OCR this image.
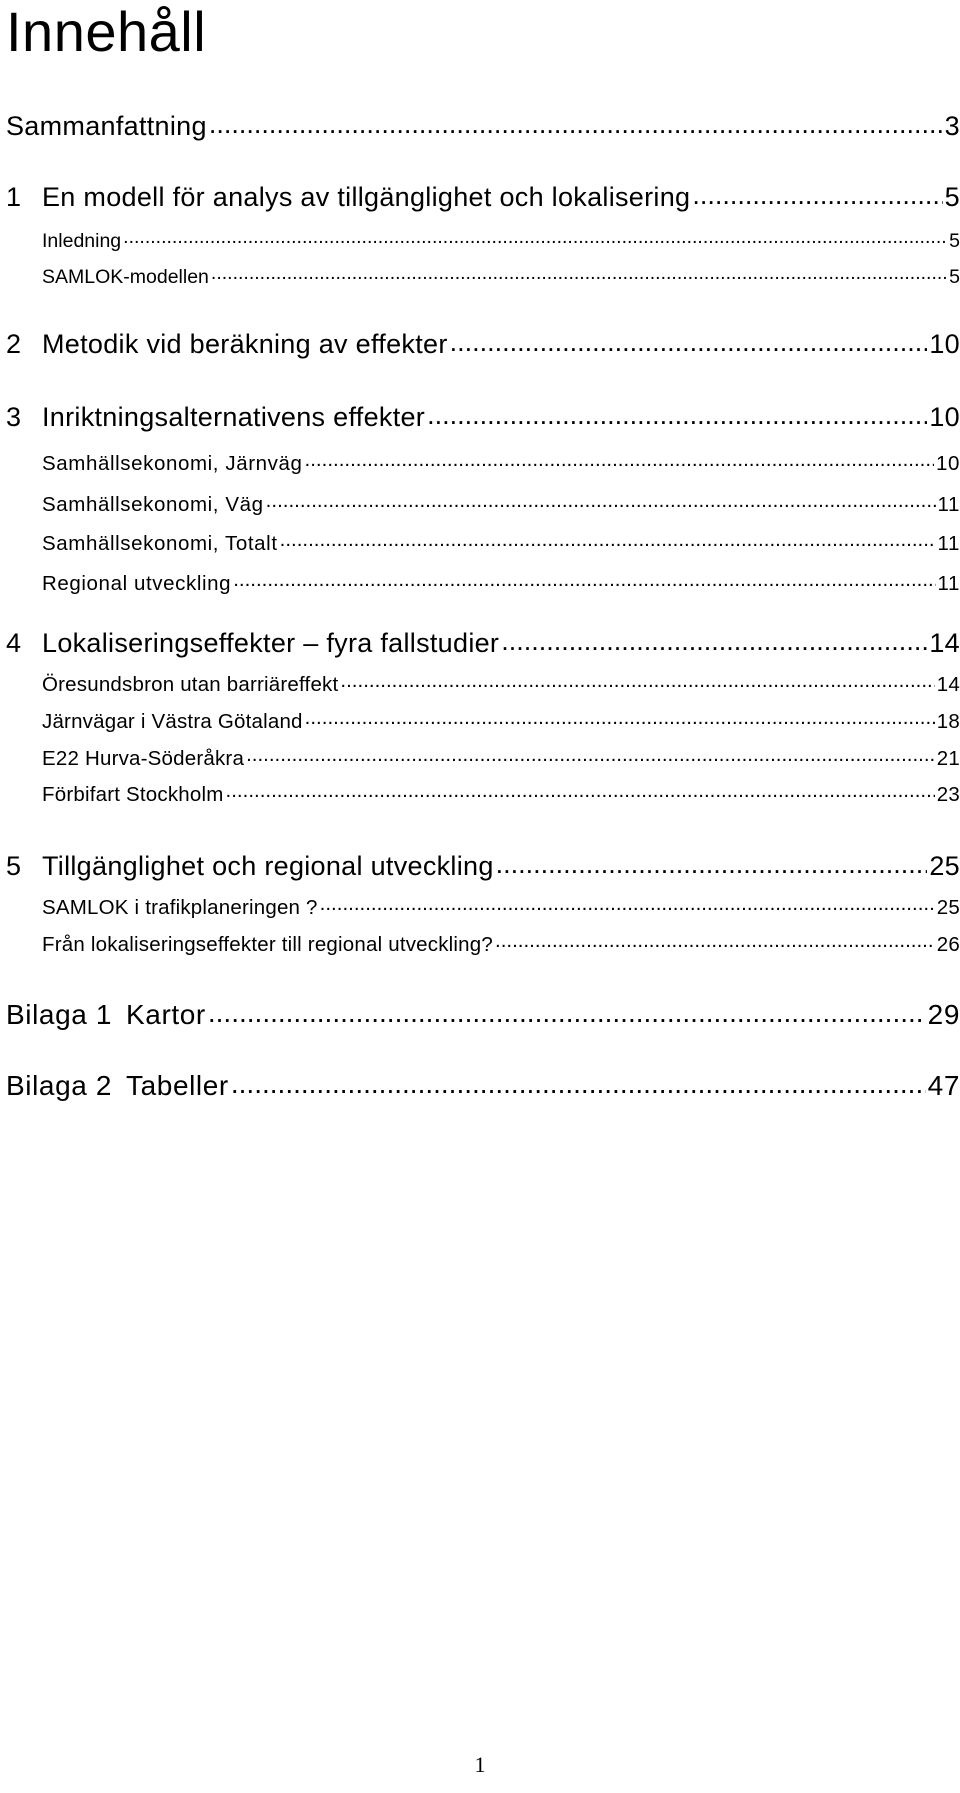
Innehåll
Sammanfattning .....	3
1 En modell för analys av tillgänglighet och lokalisering .....	5
Inledning .....	5
SAMLOK-modellen .....	5
2 Metodik vid beräkning av effekter .....	10
3 Inriktningsalternativens effekter .....	10
Samhällsekonomi, Järnväg .....	10
Samhällsekonomi, Väg .....	11
Samhällsekonomi, Totalt .....	11
Regional utveckling .....	11
4 Lokaliseringseffekter – fyra fallstudier .....	14
Öresundsbron utan barriäreffekt .....	14
Järnvägar i Västra Götaland .....	18
E22 Hurva-Söderåkra .....	21
Förbifart Stockholm .....	23
5 Tillgänglighet och regional utveckling .....	25
SAMLOK i trafikplaneringen ? .....	25
Från lokaliseringseffekter till regional utveckling? .....	26
Bilaga 1 Kartor .....	29
Bilaga 2 Tabeller .....	47
1
